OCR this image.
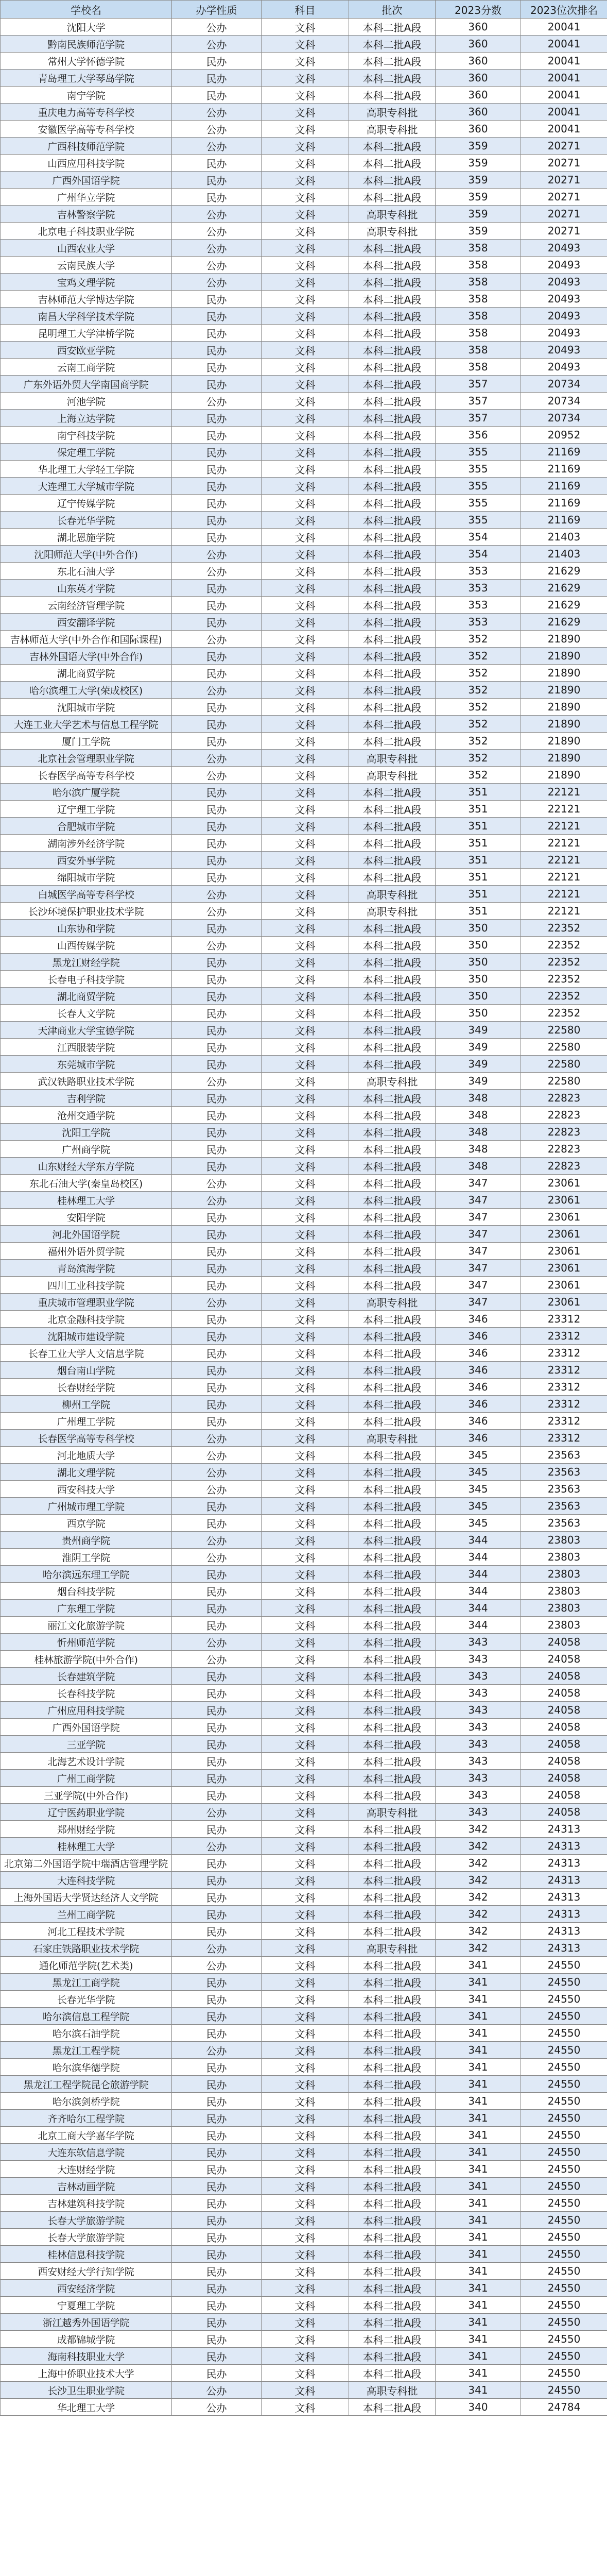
学校名	办学性质	科目	批次	2023分数	2023位次排名
沈阳大学	公办	文科	本科二批A段	360	20041
黔南民族师范学院	公办	文科	本科二批A段	360	20041
常州大学怀德学院	民办	文科	本科二批A段	360	20041
青岛理工大学琴岛学院	民办	文科	本科二批A段	360	20041
南宁学院	民办	文科	本科二批A段	360	20041
重庆电力高等专科学校	公办	文科	高职专科批	360	20041
安徽医学高等专科学校	公办	文科	高职专科批	360	20041
广西科技师范学院	公办	文科	本科二批A段	359	20271
山西应用科技学院	民办	文科	本科二批A段	359	20271
广西外国语学院	民办	文科	本科二批A段	359	20271
广州华立学院	民办	文科	本科二批A段	359	20271
吉林警察学院	公办	文科	高职专科批	359	20271
北京电子科技职业学院	公办	文科	高职专科批	359	20271
山西农业大学	公办	文科	本科二批A段	358	20493
云南民族大学	公办	文科	本科二批A段	358	20493
宝鸡文理学院	公办	文科	本科二批A段	358	20493
吉林师范大学博达学院	民办	文科	本科二批A段	358	20493
南昌大学科学技术学院	民办	文科	本科二批A段	358	20493
昆明理工大学津桥学院	民办	文科	本科二批A段	358	20493
西安欧亚学院	民办	文科	本科二批A段	358	20493
云南工商学院	民办	文科	本科二批A段	358	20493
广东外语外贸大学南国商学院	民办	文科	本科二批A段	357	20734
河池学院	公办	文科	本科二批A段	357	20734
上海立达学院	民办	文科	本科二批A段	357	20734
南宁科技学院	民办	文科	本科二批A段	356	20952
保定理工学院	民办	文科	本科二批A段	355	21169
华北理工大学轻工学院	民办	文科	本科二批A段	355	21169
大连理工大学城市学院	民办	文科	本科二批A段	355	21169
辽宁传媒学院	民办	文科	本科二批A段	355	21169
长春光华学院	民办	文科	本科二批A段	355	21169
湖北恩施学院	民办	文科	本科二批A段	354	21403
沈阳师范大学(中外合作)	公办	文科	本科二批A段	354	21403
东北石油大学	公办	文科	本科二批A段	353	21629
山东英才学院	民办	文科	本科二批A段	353	21629
云南经济管理学院	民办	文科	本科二批A段	353	21629
西安翻译学院	民办	文科	本科二批A段	353	21629
吉林师范大学(中外合作和国际课程)	公办	文科	本科二批A段	352	21890
吉林外国语大学(中外合作)	民办	文科	本科二批A段	352	21890
湖北商贸学院	民办	文科	本科二批A段	352	21890
哈尔滨理工大学(荣成校区)	公办	文科	本科二批A段	352	21890
沈阳城市学院	民办	文科	本科二批A段	352	21890
大连工业大学艺术与信息工程学院	民办	文科	本科二批A段	352	21890
厦门工学院	民办	文科	本科二批A段	352	21890
北京社会管理职业学院	公办	文科	高职专科批	352	21890
长春医学高等专科学校	公办	文科	高职专科批	352	21890
哈尔滨广厦学院	民办	文科	本科二批A段	351	22121
辽宁理工学院	民办	文科	本科二批A段	351	22121
合肥城市学院	民办	文科	本科二批A段	351	22121
湖南涉外经济学院	民办	文科	本科二批A段	351	22121
西安外事学院	民办	文科	本科二批A段	351	22121
绵阳城市学院	民办	文科	本科二批A段	351	22121
白城医学高等专科学校	公办	文科	高职专科批	351	22121
长沙环境保护职业技术学院	公办	文科	高职专科批	351	22121
山东协和学院	民办	文科	本科二批A段	350	22352
山西传媒学院	公办	文科	本科二批A段	350	22352
黑龙江财经学院	民办	文科	本科二批A段	350	22352
长春电子科技学院	民办	文科	本科二批A段	350	22352
湖北商贸学院	民办	文科	本科二批A段	350	22352
长春人文学院	民办	文科	本科二批A段	350	22352
天津商业大学宝德学院	民办	文科	本科二批A段	349	22580
江西服装学院	民办	文科	本科二批A段	349	22580
东莞城市学院	民办	文科	本科二批A段	349	22580
武汉铁路职业技术学院	公办	文科	高职专科批	349	22580
吉利学院	民办	文科	本科二批A段	348	22823
沧州交通学院	民办	文科	本科二批A段	348	22823
沈阳工学院	民办	文科	本科二批A段	348	22823
广州商学院	民办	文科	本科二批A段	348	22823
山东财经大学东方学院	民办	文科	本科二批A段	348	22823
东北石油大学(秦皇岛校区)	公办	文科	本科二批A段	347	23061
桂林理工大学	公办	文科	本科二批A段	347	23061
安阳学院	民办	文科	本科二批A段	347	23061
河北外国语学院	民办	文科	本科二批A段	347	23061
福州外语外贸学院	民办	文科	本科二批A段	347	23061
青岛滨海学院	民办	文科	本科二批A段	347	23061
四川工业科技学院	民办	文科	本科二批A段	347	23061
重庆城市管理职业学院	公办	文科	高职专科批	347	23061
北京金融科技学院	民办	文科	本科二批A段	346	23312
沈阳城市建设学院	民办	文科	本科二批A段	346	23312
长春工业大学人文信息学院	民办	文科	本科二批A段	346	23312
烟台南山学院	民办	文科	本科二批A段	346	23312
长春财经学院	民办	文科	本科二批A段	346	23312
柳州工学院	民办	文科	本科二批A段	346	23312
广州理工学院	民办	文科	本科二批A段	346	23312
长春医学高等专科学校	公办	文科	高职专科批	346	23312
河北地质大学	公办	文科	本科二批A段	345	23563
湖北文理学院	公办	文科	本科二批A段	345	23563
西安科技大学	公办	文科	本科二批A段	345	23563
广州城市理工学院	民办	文科	本科二批A段	345	23563
西京学院	民办	文科	本科二批A段	345	23563
贵州商学院	公办	文科	本科二批A段	344	23803
淮阴工学院	公办	文科	本科二批A段	344	23803
哈尔滨远东理工学院	民办	文科	本科二批A段	344	23803
烟台科技学院	民办	文科	本科二批A段	344	23803
广东理工学院	民办	文科	本科二批A段	344	23803
丽江文化旅游学院	民办	文科	本科二批A段	344	23803
忻州师范学院	公办	文科	本科二批A段	343	24058
桂林旅游学院(中外合作)	公办	文科	本科二批A段	343	24058
长春建筑学院	民办	文科	本科二批A段	343	24058
长春科技学院	民办	文科	本科二批A段	343	24058
广州应用科技学院	民办	文科	本科二批A段	343	24058
广西外国语学院	民办	文科	本科二批A段	343	24058
三亚学院	民办	文科	本科二批A段	343	24058
北海艺术设计学院	民办	文科	本科二批A段	343	24058
广州工商学院	民办	文科	本科二批A段	343	24058
三亚学院(中外合作)	民办	文科	本科二批A段	343	24058
辽宁医药职业学院	公办	文科	高职专科批	343	24058
郑州财经学院	民办	文科	本科二批A段	342	24313
桂林理工大学	公办	文科	本科二批A段	342	24313
北京第二外国语学院中瑞酒店管理学院	民办	文科	本科二批A段	342	24313
大连科技学院	民办	文科	本科二批A段	342	24313
上海外国语大学贤达经济人文学院	民办	文科	本科二批A段	342	24313
兰州工商学院	民办	文科	本科二批A段	342	24313
河北工程技术学院	民办	文科	本科二批A段	342	24313
石家庄铁路职业技术学院	公办	文科	高职专科批	342	24313
通化师范学院(艺术类)	公办	文科	本科二批A段	341	24550
黑龙江工商学院	民办	文科	本科二批A段	341	24550
长春光华学院	民办	文科	本科二批A段	341	24550
哈尔滨信息工程学院	民办	文科	本科二批A段	341	24550
哈尔滨石油学院	民办	文科	本科二批A段	341	24550
黑龙江工程学院	公办	文科	本科二批A段	341	24550
哈尔滨华德学院	民办	文科	本科二批A段	341	24550
黑龙江工程学院昆仑旅游学院	民办	文科	本科二批A段	341	24550
哈尔滨剑桥学院	民办	文科	本科二批A段	341	24550
齐齐哈尔工程学院	民办	文科	本科二批A段	341	24550
北京工商大学嘉华学院	民办	文科	本科二批A段	341	24550
大连东软信息学院	民办	文科	本科二批A段	341	24550
大连财经学院	民办	文科	本科二批A段	341	24550
吉林动画学院	民办	文科	本科二批A段	341	24550
吉林建筑科技学院	民办	文科	本科二批A段	341	24550
长春大学旅游学院	民办	文科	本科二批A段	341	24550
长春大学旅游学院	民办	文科	本科二批A段	341	24550
桂林信息科技学院	民办	文科	本科二批A段	341	24550
西安财经大学行知学院	民办	文科	本科二批A段	341	24550
西安经济学院	民办	文科	本科二批A段	341	24550
宁夏理工学院	民办	文科	本科二批A段	341	24550
浙江越秀外国语学院	民办	文科	本科二批A段	341	24550
成都锦城学院	民办	文科	本科二批A段	341	24550
海南科技职业大学	民办	文科	本科二批A段	341	24550
上海中侨职业技术大学	民办	文科	本科二批A段	341	24550
长沙卫生职业学院	公办	文科	高职专科批	341	24550
华北理工大学	公办	文科	本科二批A段	340	24784
